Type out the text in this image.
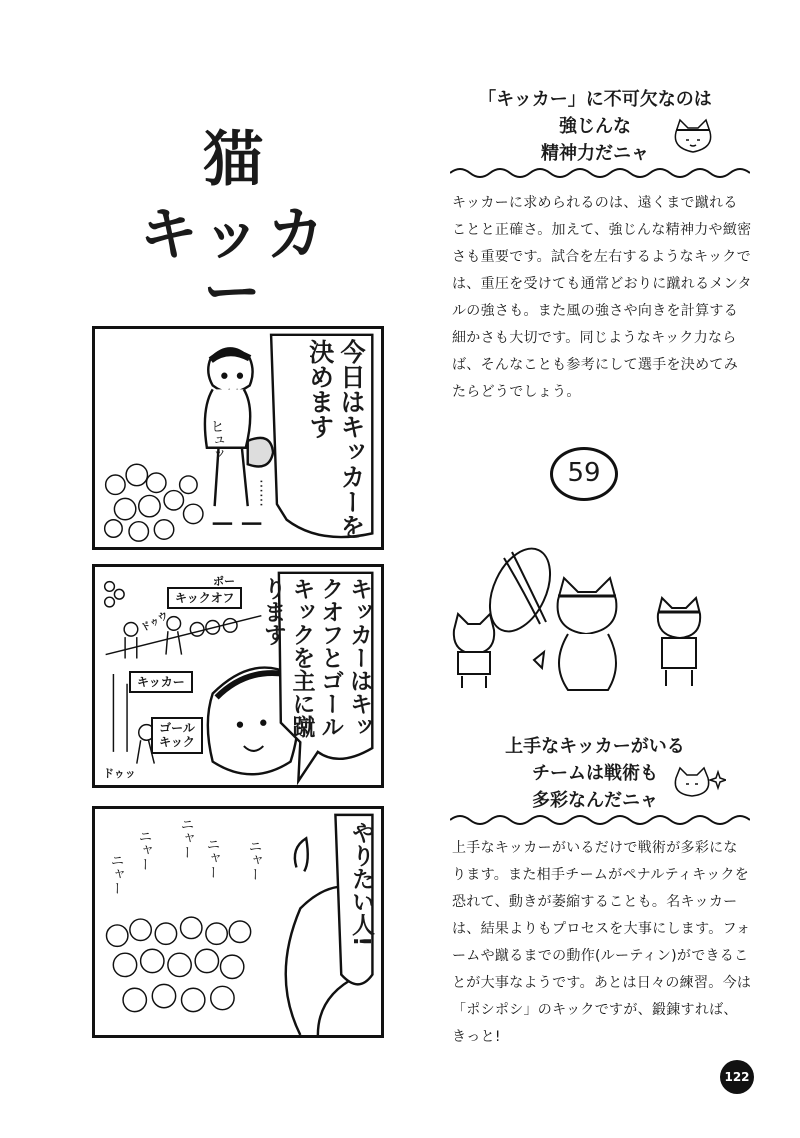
猫
キッカー
今日はキッカーを決めます
ヒュッ
……
キッカーはキックオフとゴールキックを主に蹴ります
キックオフ
キッカー
ゴールキック
ポー
ドゥウ
ドゥッ
やりたい人!
ニャー ニャー ニャー
ニャー	ニャー
「キッカー」に不可欠なのは
強じんな
精神力だニャ
キッカーに求められるのは、遠くまで蹴れることと正確さ。加えて、強じんな精神力や緻密さも重要です。試合を左右するようなキックでは、重圧を受けても通常どおりに蹴れるメンタルの強さも。また風の強さや向きを計算する細かさも大切です。同じようなキック力ならば、そんなことも参考にして選手を決めてみたらどうでしょう。
59
上手なキッカーがいる
チームは戦術も
多彩なんだニャ
上手なキッカーがいるだけで戦術が多彩になります。また相手チームがペナルティキックを恐れて、動きが萎縮することも。名キッカーは、結果よりもプロセスを大事にします。フォームや蹴るまでの動作(ルーティン)ができることが大事なようです。あとは日々の練習。今は「ポシポシ」のキックですが、鍛錬すれば、きっと!
122
